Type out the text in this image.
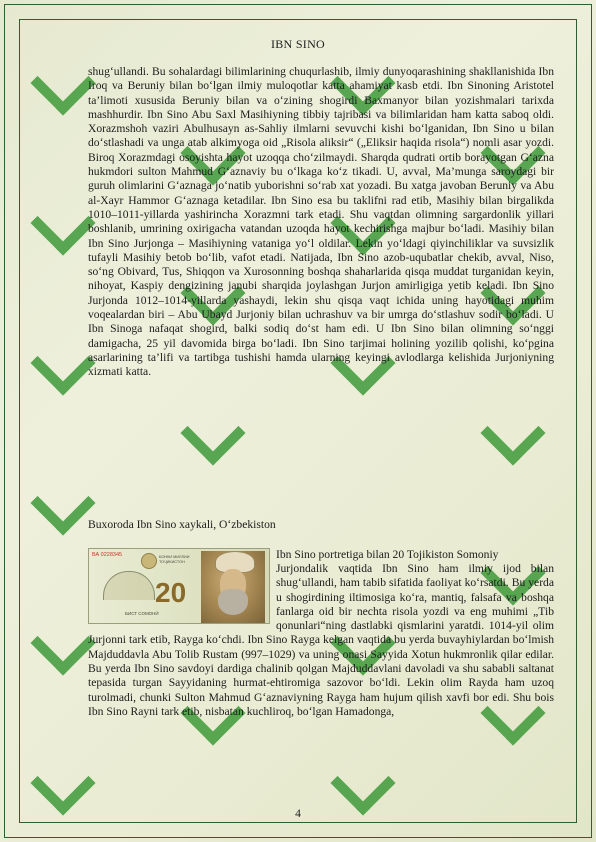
IBN SINO
shug‘ullandi. Bu sohalardagi bilimlarining chuqurlashib, ilmiy dunyoqarashining shakllanishida Ibn Iroq va Beruniy bilan bo‘lgan ilmiy muloqotlar katta ahamiyat kasb etdi. Ibn Sinoning Aristotel ta’limoti xususida Beruniy bilan va o‘zining shogirdi Baxmanyor bilan yozishmalari tarixda mashhurdir. Ibn Sino Abu Saxl Masihiyning tibbiy tajribasi va bilimlaridan ham katta saboq oldi. Xorazmshoh vaziri Abulhusayn as-Sahliy ilmlarni sevuvchi kishi bo‘lganidan, Ibn Sino u bilan do‘stlashadi va unga atab alkimyoga oid „Risola aliksir“ („Eliksir haqida risola“) nomli asar yozdi. Biroq Xorazmdagi osoyishta hayot uzoqqa cho‘zilmaydi. Sharqda qudrati ortib borayotgan G‘azna hukmdori sulton Mahmud G‘aznaviy bu o‘lkaga ko‘z tikadi. U, avval, Ma’munga saroydagi bir guruh olimlarini G‘aznaga jo‘natib yuborishni so‘rab xat yozadi. Bu xatga javoban Beruniy va Abu al-Xayr Hammor G‘aznaga ketadilar. Ibn Sino esa bu taklifni rad etib, Masihiy bilan birgalikda 1010–1011-yillarda yashirincha Xorazmni tark etadi. Shu vaqtdan olimning sargardonlik yillari boshlanib, umrining oxirigacha vatandan uzoqda hayot kechirishga majbur bo‘ladi. Masihiy bilan Ibn Sino Jurjonga – Masihiyning vataniga yo‘l oldilar. Lekin yo‘ldagi qiyinchiliklar va suvsizlik tufayli Masihiy betob bo‘lib, vafot etadi. Natijada, Ibn Sino azob-uqubatlar chekib, avval, Niso, so‘ng Obivard, Tus, Shiqqon va Xurosonning boshqa shaharlarida qisqa muddat turganidan keyin, nihoyat, Kaspiy dengizining janubi sharqida joylashgan Jurjon amirligiga yetib keladi. Ibn Sino Jurjonda 1012–1014-yillarda yashaydi, lekin shu qisqa vaqt ichida uning hayotidagi muhim voqealardan biri – Abu Ubayd Jurjoniy bilan uchrashuv va bir umrga do‘stlashuv sodir bo‘ladi. U Ibn Sinoga nafaqat shogird, balki sodiq do‘st ham edi. U Ibn Sino bilan olimning so‘nggi damigacha, 25 yil davomida birga bo‘ladi. Ibn Sino tarjimai holining yozilib qolishi, ko‘pgina asarlarining ta’lifi va tartibga tushishi hamda ularning keyingi avlodlarga kelishida Jurjoniyning xizmati katta.
Buxoroda Ibn Sino xaykali, O‘zbekiston
ВА 0228345	БОНКИ МИЛЛИИ
ТОҶИКИСТОН
20
БИСТ СОМОНӢ
Ibn Sino portretiga bilan 20 Tojikiston Somoniy
Jurjondalik vaqtida Ibn Sino ham ilmiy ijod bilan shug‘ullandi, ham tabib sifatida faoliyat ko‘rsatdi. Bu yerda u shogirdining iltimosiga ko‘ra, mantiq, falsafa va boshqa fanlarga oid bir nechta risola yozdi va eng muhimi „Tib qonunlari“ning dastlabki qismlarini yaratdi. 1014-yil olim Jurjonni tark etib, Rayga ko‘chdi. Ibn Sino Rayga kelgan vaqtida bu yerda buvayhiylardan bo‘lmish Majduddavla Abu Tolib Rustam (997–1029) va uning onasi Sayyida Xotun hukmronlik qilar edilar. Bu yerda Ibn Sino savdoyi dardiga chalinib qolgan Majduddavlani davoladi va shu sababli saltanat tepasida turgan Sayyidaning hurmat-ehtiromiga sazovor bo‘ldi. Lekin olim Rayda ham uzoq turolmadi, chunki Sulton Mahmud G‘aznaviyning Rayga ham hujum qilish xavfi bor edi. Shu bois Ibn Sino Rayni tark etib, nisbatan kuchliroq, bo‘lgan Hamadonga,
4
